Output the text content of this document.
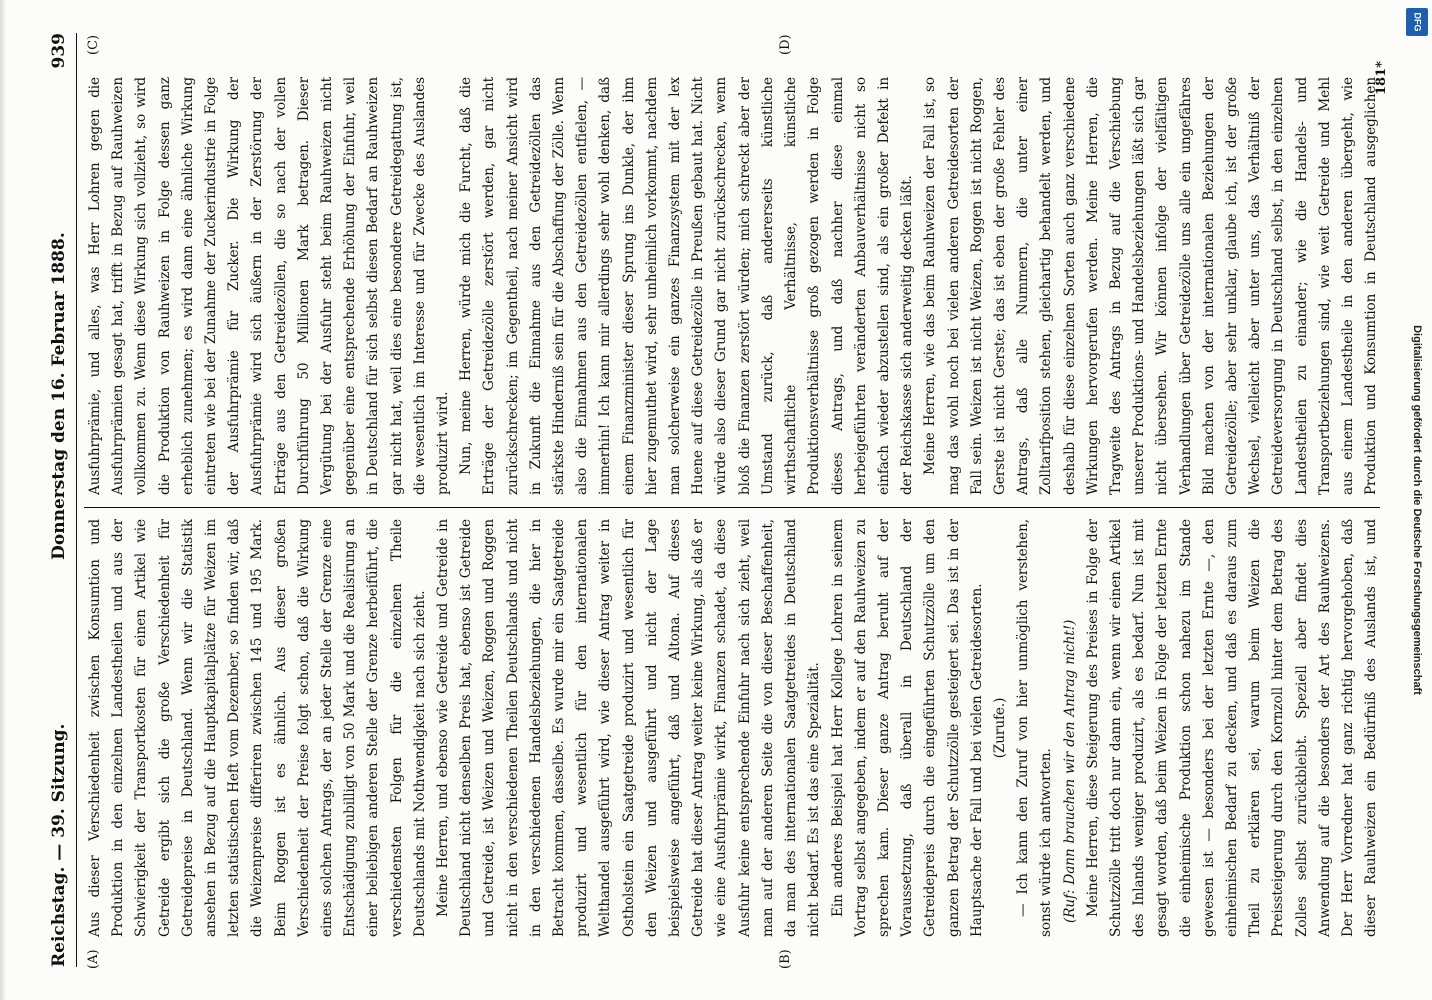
Reichstag. — 39. Sitzung.
Donnerstag den 16. Februar 1888.
939
(A)	(B)
(C)	(D)

Aus dieser Verschiedenheit zwischen Konsumtion und Produktion in den einzelnen Landestheilen und aus der Schwierigkeit der Transportkosten für einen Artikel wie Getreide ergibt sich die große Verschiedenheit für Getreidepreise in Deutschland. Wenn wir die Statistik ansehen in Bezug auf die Hauptkapitalplätze für Weizen im letzten statistischen Heft vom Dezember, so finden wir, daß die Weizenpreise differiren zwischen 145 und 195 Mark. Beim Roggen ist es ähnlich. Aus dieser großen Verschiedenheit der Preise folgt schon, daß die Wirkung eines solchen Antrags, der an jeder Stelle der Grenze eine Entschädigung zubilligt von 50 Mark und die Realisirung an einer beliebigen anderen Stelle der Grenze herbeiführt, die verschiedensten Folgen für die einzelnen Theile Deutschlands mit Nothwendigkeit nach sich zieht. Meine Herren, und ebenso wie Getreide und Getreide in Deutschland nicht denselben Preis hat, ebenso ist Getreide und Getreide, ist Weizen und Weizen, Roggen und Roggen nicht in den verschiedenen Theilen Deutschlands und nicht in den verschiedenen Handelsbeziehungen, die hier in Betracht kommen, dasselbe. Es wurde mir ein Saatgetreide produzirt und wesentlich für den internationalen Welthandel ausgeführt wird, wie dieser Antrag weiter in Ostholstein ein Saatgetreide produzirt und wesentlich für den Weizen und ausgeführt und nicht der Lage beispielsweise angeführt, daß und Altona. Auf dieses Getreide hat dieser Antrag weiter keine Wirkung, als daß er wie eine Ausfuhrprämie wirkt, Finanzen schadet, da diese Ausfuhr keine entsprechende Einfuhr nach sich zieht, weil man auf der anderen Seite die von dieser Beschaffenheit, da man des internationalen Saatgetreides in Deutschland nicht bedarf. Es ist das eine Spezialität. Ein anderes Beispiel hat Herr Kollege Lohren in seinem Vortrag selbst angegeben, indem er auf den Rauhweizen zu sprechen kam. Dieser ganze Antrag beruht auf der Voraussetzung, daß überall in Deutschland der Getreidepreis durch die eingeführten Schutzzölle um den ganzen Betrag der Schutzzölle gesteigert sei. Das ist in der Hauptsache der Fall und bei vielen Getreidesorten. (Zurufe.) — Ich kann den Zuruf von hier unmöglich verstehen, sonst würde ich antworten. (Ruf: Dann brauchen wir den Antrag nicht!) Meine Herren, diese Steigerung des Preises in Folge der Schutzzölle tritt doch nur dann ein, wenn wir einen Artikel des Inlands weniger produzirt, als es bedarf. Nun ist mit gesagt worden, daß beim Weizen in Folge der letzten Ernte die einheimische Produktion schon nahezu im Stande gewesen ist — besonders bei der letzten Ernte —, den einheimischen Bedarf zu decken, und daß es daraus zum Theil zu erklären sei, warum beim Weizen die Preissteigerung durch den Kornzoll hinter dem Betrag des Zolles selbst zurückbleibt. Speziell aber findet dies Anwendung auf die besonders der Art des Rauhweizens. Der Herr Vorredner hat ganz richtig hervorgehoben, daß dieser Rauhweizen ein Bedürfniß des Auslands ist, und

Ausfuhrprämie, und alles, was Herr Lohren gegen die Ausfuhrprämien gesagt hat, trifft in Bezug auf Rauhweizen vollkommen zu. Wenn diese Wirkung sich vollzieht, so wird die Produktion von Rauhweizen in Folge dessen ganz erheblich zunehmen; es wird dann eine ähnliche Wirkung eintreten wie bei der Zunahme der Zuckerindustrie in Folge der Ausfuhrprämie für Zucker. Die Wirkung der Ausfuhrprämie wird sich äußern in der Zerstörung der Erträge aus den Getreidezöllen, die so nach der vollen Durchführung 50 Millionen Mark betragen. Dieser Vergütung bei der Ausfuhr steht beim Rauhweizen nicht gegenüber eine entsprechende Erhöhung der Einfuhr, weil in Deutschland für sich selbst diesen Bedarf an Rauhweizen gar nicht hat, weil dies eine besondere Getreidegattung ist, die wesentlich im Interesse und für Zwecke des Auslandes produzirt wird. Nun, meine Herren, würde mich die Furcht, daß die Erträge der Getreidezölle zerstört werden, gar nicht zurückschrecken; im Gegentheil, nach meiner Ansicht wird in Zukunft die Einnahme aus den Getreidezöllen das stärkste Hinderniß sein für die Abschaffung der Zölle. Wenn also die Einnahmen aus den Getreidezöllen entfielen, — immerhin! Ich kann mir allerdings sehr wohl denken, daß einem Finanzminister dieser Sprung ins Dunkle, der ihm hier zugemuthet wird, sehr unheimlich vorkommt, nachdem man solcherweise ein ganzes Finanzsystem mit der lex Huene auf diese Getreidezölle in Preußen gebaut hat. Nicht würde also dieser Grund gar nicht zurückschrecken, wenn bloß die Finanzen zerstört würden; mich schreckt aber der Umstand zurück, daß andererseits künstliche wirthschaftliche Verhältnisse, künstliche Produktionsverhältnisse groß gezogen werden in Folge dieses Antrags, und daß nachher diese einmal herbeigeführten veränderten Anbauverhältnisse nicht so einfach wieder abzustellen sind, als ein großer Defekt in der Reichskasse sich anderweitig decken läßt. Meine Herren, wie das beim Rauhweizen der Fall ist, so mag das wohl noch bei vielen anderen Getreidesorten der Fall sein. Weizen ist nicht Weizen, Roggen ist nicht Roggen, Gerste ist nicht Gerste; das ist eben der große Fehler des Antrags, daß alle Nummern, die unter einer Zolltarifposition stehen, gleichartig behandelt werden, und deshalb für diese einzelnen Sorten auch ganz verschiedene Wirkungen hervorgerufen werden. Meine Herren, die Tragweite des Antrags in Bezug auf die Verschiebung unserer Produktions- und Handelsbeziehungen läßt sich gar nicht übersehen. Wir können infolge der vielfältigen Verhandlungen über Getreidezölle uns alle ein ungefähres Bild machen von der internationalen Beziehungen der Getreidezölle; aber sehr unklar, glaube ich, ist der große Wechsel, vielleicht aber unter uns, das Verhältniß der Getreideversorgung in Deutschland selbst, in den einzelnen Landestheilen zu einander; wie die Handels- und Transportbeziehungen sind, wie weit Getreide und Mehl aus einem Landestheile in den anderen übergeht, wie Produktion und Konsumtion in Deutschland ausgeglichen

181*
DFG
Digitalisierung gefördert durch die Deutsche Forschungsgemeinschaft
